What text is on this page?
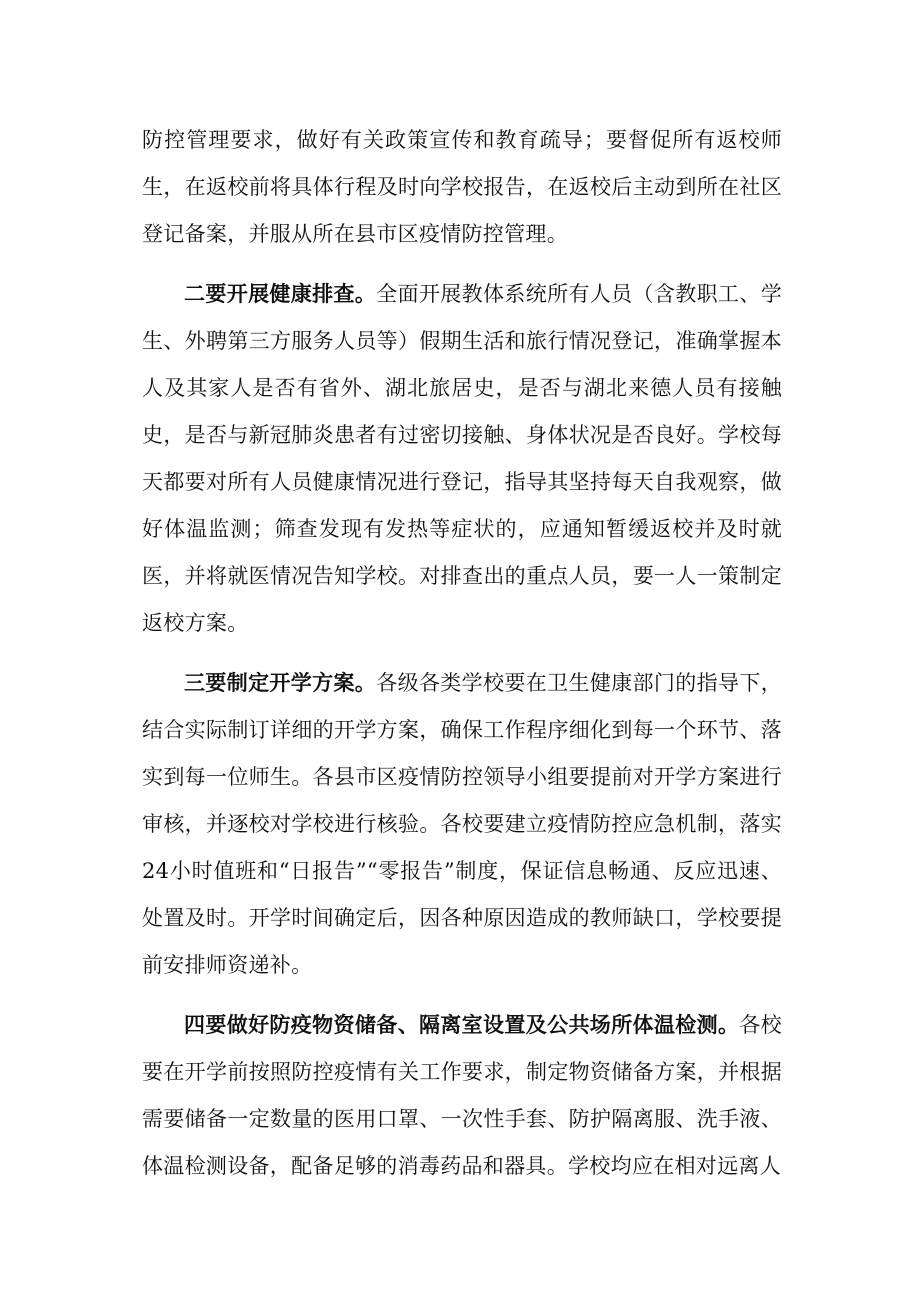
防控管理要求，做好有关政策宣传和教育疏导；要督促所有返校师生，在返校前将具体行程及时向学校报告，在返校后主动到所在社区登记备案，并服从所在县市区疫情防控管理。

二要开展健康排查。全面开展教体系统所有人员（含教职工、学生、外聘第三方服务人员等）假期生活和旅行情况登记，准确掌握本人及其家人是否有省外、湖北旅居史，是否与湖北来德人员有接触史，是否与新冠肺炎患者有过密切接触、身体状况是否良好。学校每天都要对所有人员健康情况进行登记，指导其坚持每天自我观察，做好体温监测；筛查发现有发热等症状的，应通知暂缓返校并及时就医，并将就医情况告知学校。对排查出的重点人员，要一人一策制定返校方案。

三要制定开学方案。各级各类学校要在卫生健康部门的指导下，结合实际制订详细的开学方案，确保工作程序细化到每一个环节、落实到每一位师生。各县市区疫情防控领导小组要提前对开学方案进行审核，并逐校对学校进行核验。各校要建立疫情防控应急机制，落实24小时值班和“日报告”“零报告”制度，保证信息畅通、反应迅速、处置及时。开学时间确定后，因各种原因造成的教师缺口，学校要提前安排师资递补。

四要做好防疫物资储备、隔离室设置及公共场所体温检测。各校要在开学前按照防控疫情有关工作要求，制定物资储备方案，并根据需要储备一定数量的医用口罩、一次性手套、防护隔离服、洗手液、体温检测设备，配备足够的消毒药品和器具。学校均应在相对远离人
